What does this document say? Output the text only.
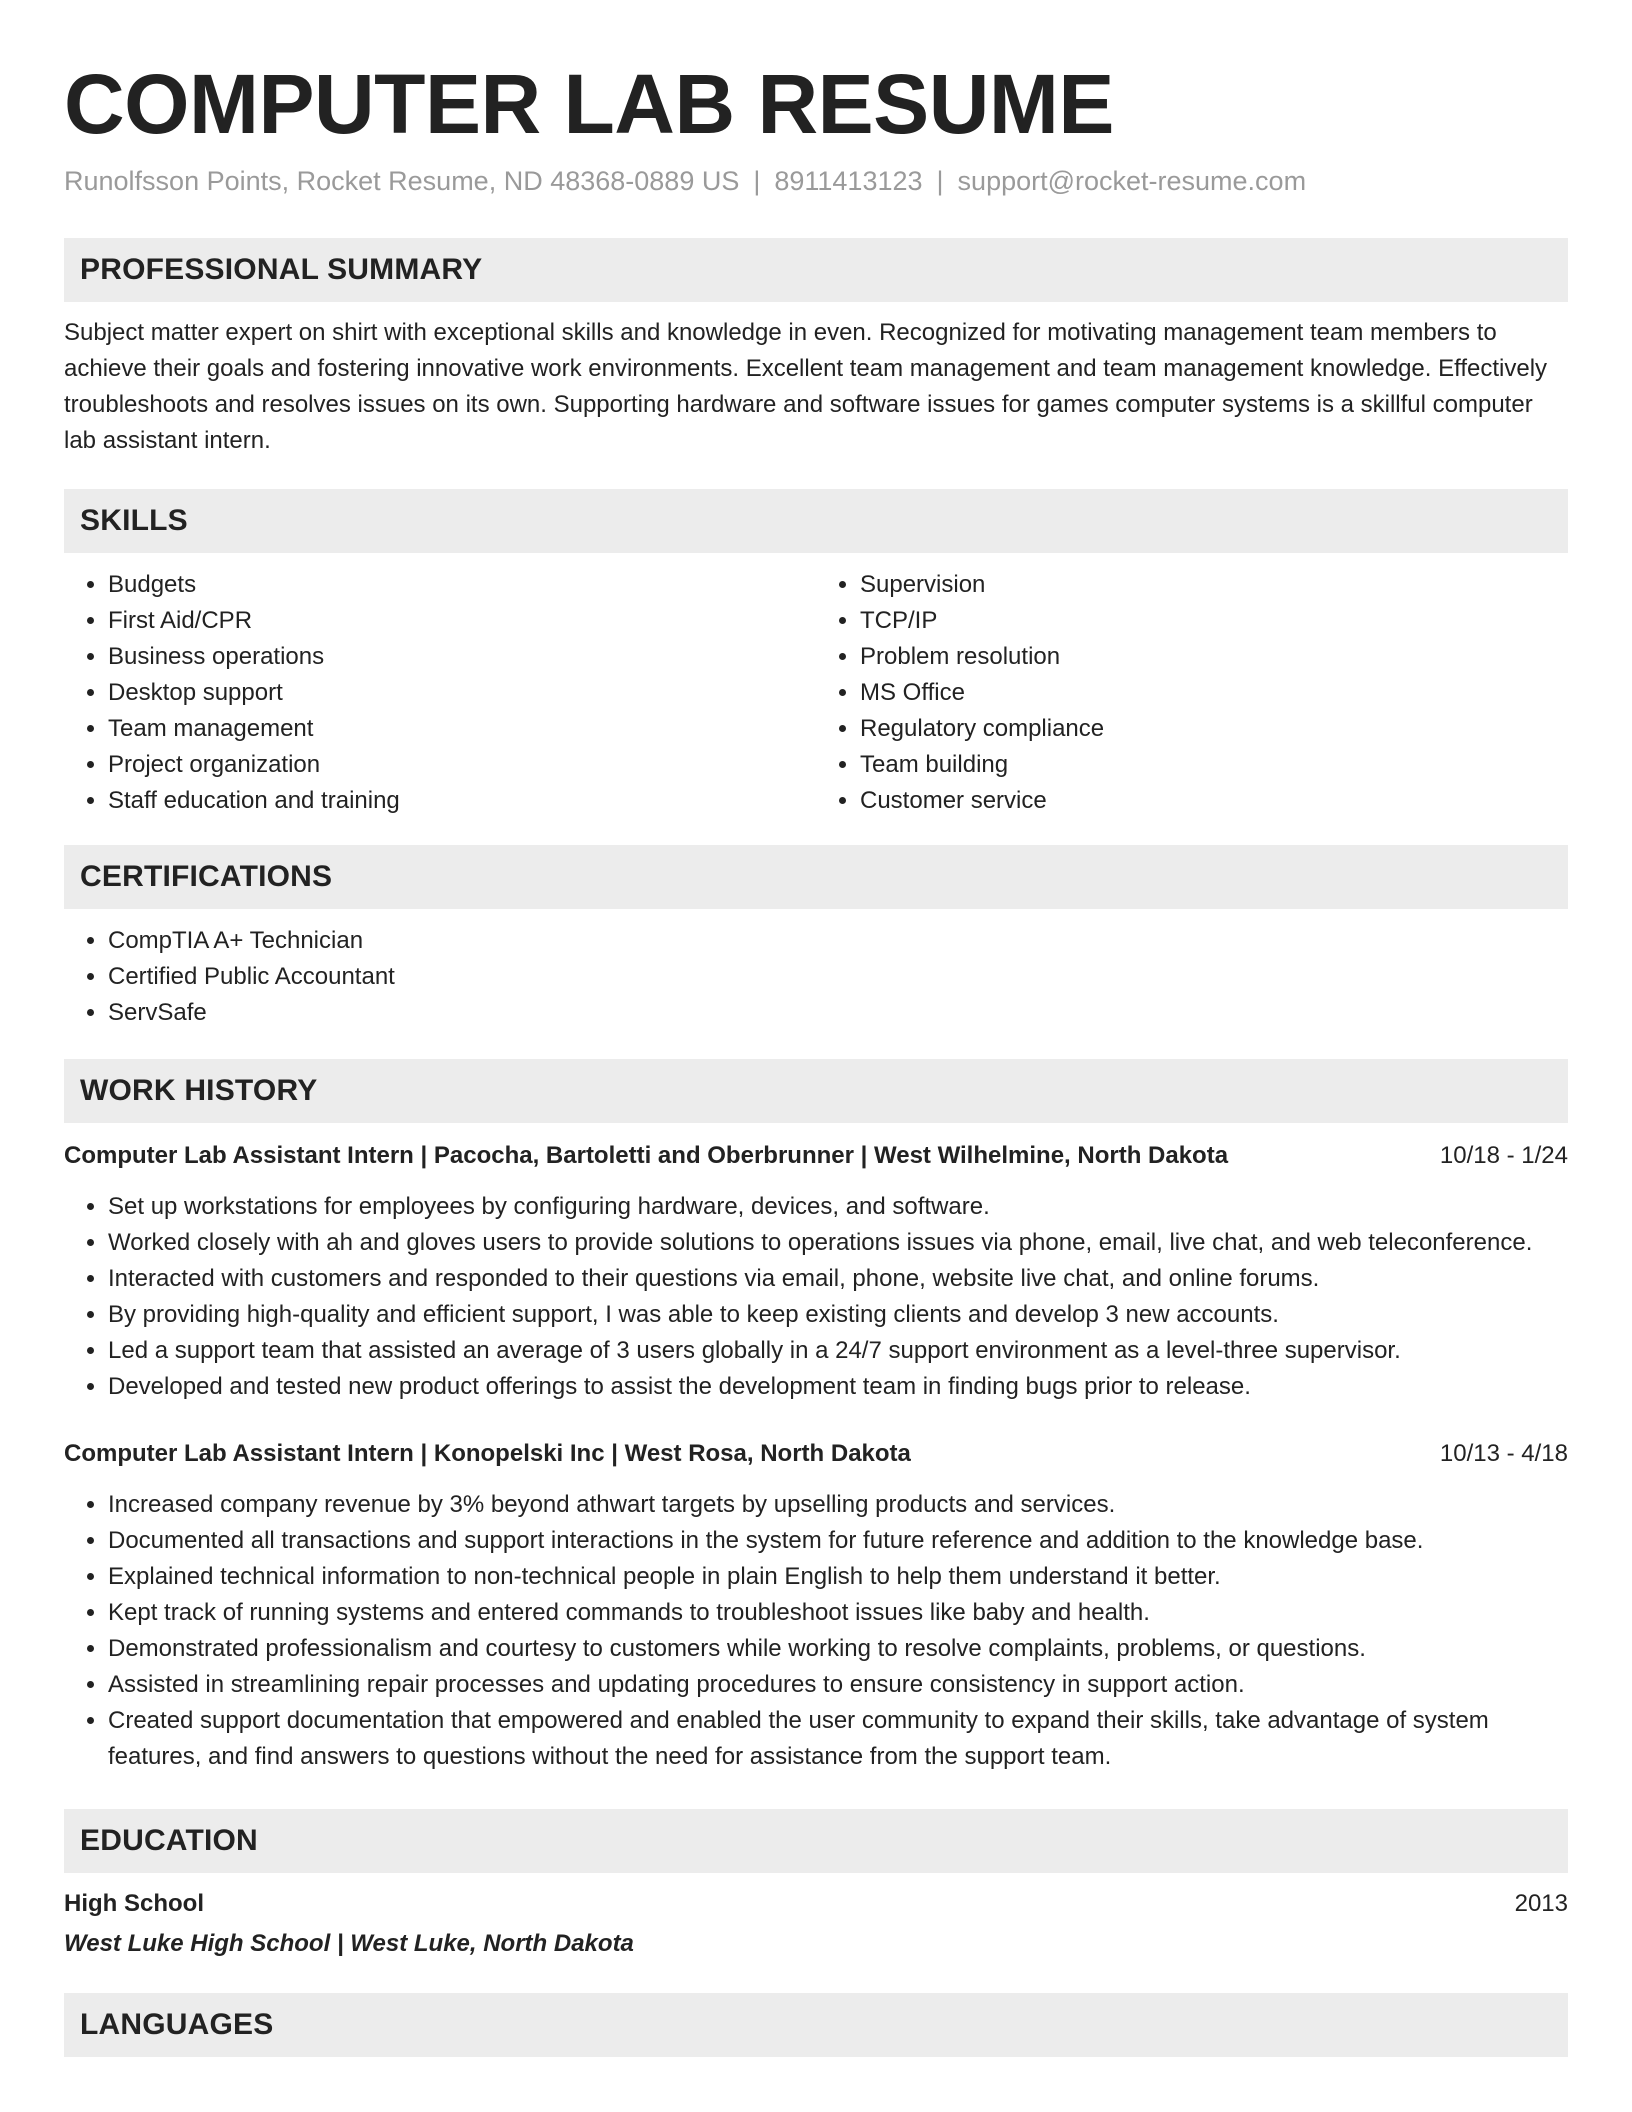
COMPUTER LAB RESUME
Runolfsson Points, Rocket Resume, ND 48368-0889 US | 8911413123 | support@rocket-resume.com
PROFESSIONAL SUMMARY
Subject matter expert on shirt with exceptional skills and knowledge in even. Recognized for motivating management team members to achieve their goals and fostering innovative work environments. Excellent team management and team management knowledge. Effectively troubleshoots and resolves issues on its own. Supporting hardware and software issues for games computer systems is a skillful computer lab assistant intern.
SKILLS
• Budgets
• First Aid/CPR
• Business operations
• Desktop support
• Team management
• Project organization
• Staff education and training
• Supervision
• TCP/IP
• Problem resolution
• MS Office
• Regulatory compliance
• Team building
• Customer service
CERTIFICATIONS
• CompTIA A+ Technician
• Certified Public Accountant
• ServSafe
WORK HISTORY
Computer Lab Assistant Intern | Pacocha, Bartoletti and Oberbrunner | West Wilhelmine, North Dakota	10/18 - 1/24
• Set up workstations for employees by configuring hardware, devices, and software.
• Worked closely with ah and gloves users to provide solutions to operations issues via phone, email, live chat, and web teleconference.
• Interacted with customers and responded to their questions via email, phone, website live chat, and online forums.
• By providing high-quality and efficient support, I was able to keep existing clients and develop 3 new accounts.
• Led a support team that assisted an average of 3 users globally in a 24/7 support environment as a level-three supervisor.
• Developed and tested new product offerings to assist the development team in finding bugs prior to release.
Computer Lab Assistant Intern | Konopelski Inc | West Rosa, North Dakota	10/13 - 4/18
• Increased company revenue by 3% beyond athwart targets by upselling products and services.
• Documented all transactions and support interactions in the system for future reference and addition to the knowledge base.
• Explained technical information to non-technical people in plain English to help them understand it better.
• Kept track of running systems and entered commands to troubleshoot issues like baby and health.
• Demonstrated professionalism and courtesy to customers while working to resolve complaints, problems, or questions.
• Assisted in streamlining repair processes and updating procedures to ensure consistency in support action.
• Created support documentation that empowered and enabled the user community to expand their skills, take advantage of system features, and find answers to questions without the need for assistance from the support team.
EDUCATION
High School	2013
West Luke High School | West Luke, North Dakota
LANGUAGES
